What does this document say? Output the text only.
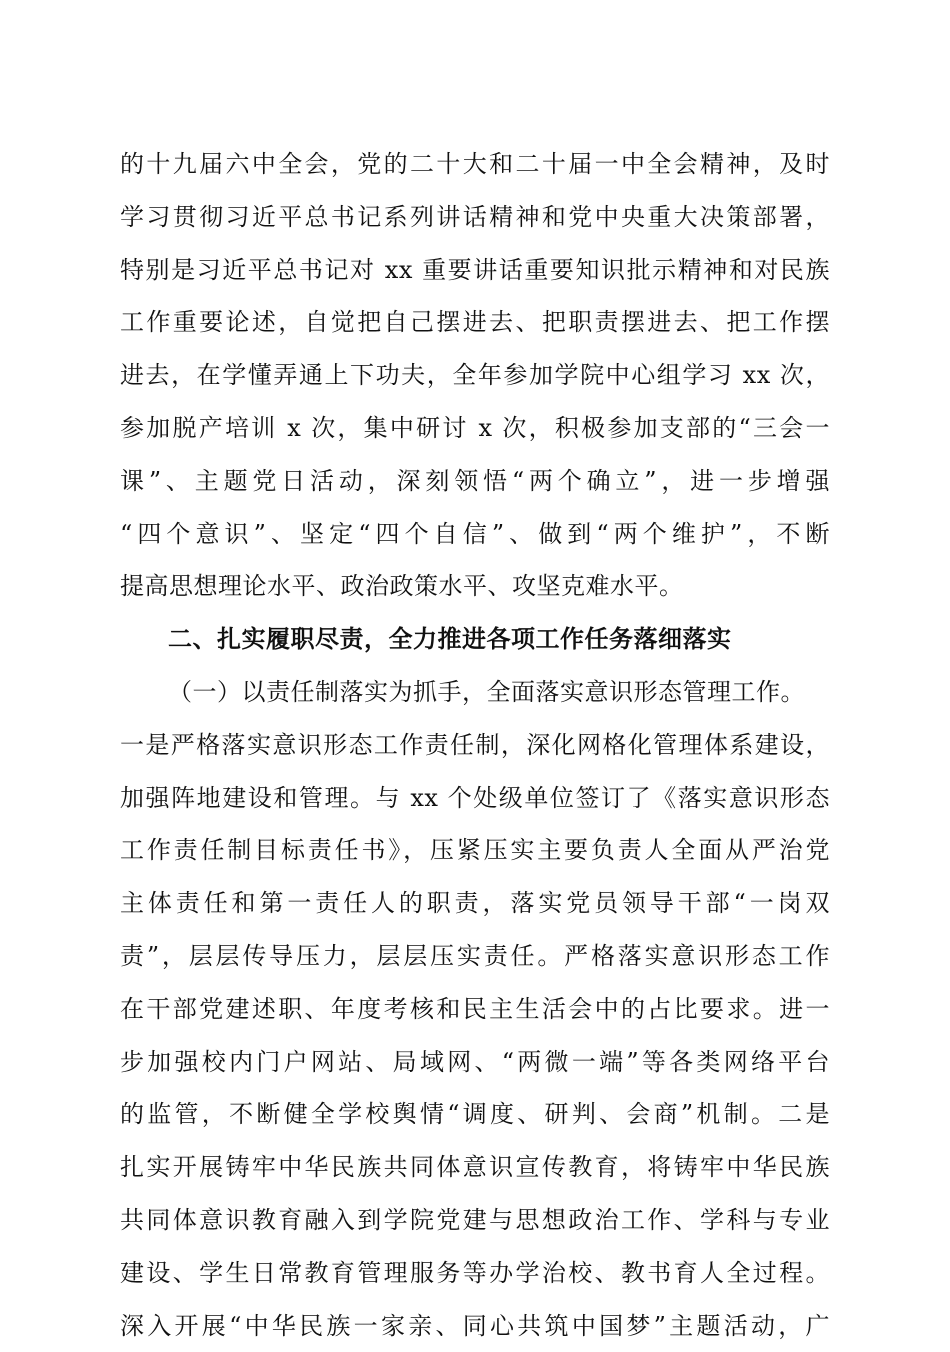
的十九届六中全会，党的二十大和二十届一中全会精神，及时
学习贯彻习近平总书记系列讲话精神和党中央重大决策部署，
特别是习近平总书记对 xx 重要讲话重要知识批示精神和对民族
工作重要论述，自觉把自己摆进去、把职责摆进去、把工作摆
进去，在学懂弄通上下功夫，全年参加学院中心组学习 xx 次，
参加脱产培训 x 次，集中研讨 x 次，积极参加支部的“三会一
课”、主题党日活动，深刻领悟“两个确立”，进一步增强
“四个意识”、坚定“四个自信”、做到“两个维护”，不断
提高思想理论水平、政治政策水平、攻坚克难水平。
二、扎实履职尽责，全力推进各项工作任务落细落实
（一）以责任制落实为抓手，全面落实意识形态管理工作。
一是严格落实意识形态工作责任制，深化网格化管理体系建设，
加强阵地建设和管理。与 xx 个处级单位签订了《落实意识形态
工作责任制目标责任书》，压紧压实主要负责人全面从严治党
主体责任和第一责任人的职责，落实党员领导干部“一岗双
责”，层层传导压力，层层压实责任。严格落实意识形态工作
在干部党建述职、年度考核和民主生活会中的占比要求。进一
步加强校内门户网站、局域网、“两微一端”等各类网络平台
的监管，不断健全学校舆情“调度、研判、会商”机制。二是
扎实开展铸牢中华民族共同体意识宣传教育，将铸牢中华民族
共同体意识教育融入到学院党建与思想政治工作、学科与专业
建设、学生日常教育管理服务等办学治校、教书育人全过程。
深入开展“中华民族一家亲、同心共筑中国梦”主题活动，广
